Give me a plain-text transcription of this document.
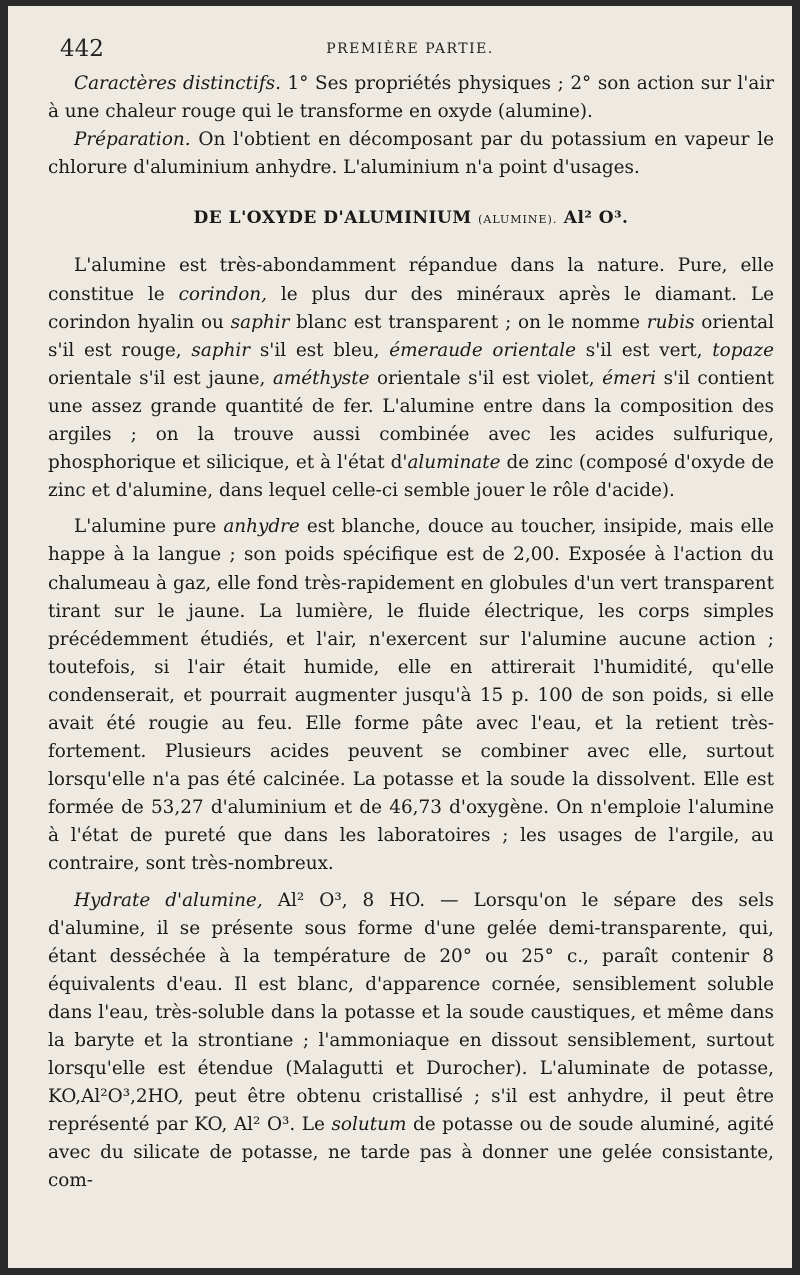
442	PREMIÈRE PARTIE.

Caractères distinctifs. 1° Ses propriétés physiques ; 2° son action sur l'air à une chaleur rouge qui le transforme en oxyde (alumine).

Préparation. On l'obtient en décomposant par du potassium en vapeur le chlorure d'aluminium anhydre. L'aluminium n'a point d'usages.

DE L'OXYDE D'ALUMINIUM (ALUMINE). Al² O³.

L'alumine est très-abondamment répandue dans la nature. Pure, elle constitue le corindon, le plus dur des minéraux après le diamant. Le corindon hyalin ou saphir blanc est transparent ; on le nomme rubis oriental s'il est rouge, saphir s'il est bleu, émeraude orientale s'il est vert, topaze orientale s'il est jaune, améthyste orientale s'il est violet, émeri s'il contient une assez grande quantité de fer. L'alumine entre dans la composition des argiles ; on la trouve aussi combinée avec les acides sulfurique, phosphorique et silicique, et à l'état d'aluminate de zinc (composé d'oxyde de zinc et d'alumine, dans lequel celle-ci semble jouer le rôle d'acide).

L'alumine pure anhydre est blanche, douce au toucher, insipide, mais elle happe à la langue ; son poids spécifique est de 2,00. Exposée à l'action du chalumeau à gaz, elle fond très-rapidement en globules d'un vert transparent tirant sur le jaune. La lumière, le fluide électrique, les corps simples précédemment étudiés, et l'air, n'exercent sur l'alumine aucune action ; toutefois, si l'air était humide, elle en attirerait l'humidité, qu'elle condenserait, et pourrait augmenter jusqu'à 15 p. 100 de son poids, si elle avait été rougie au feu. Elle forme pâte avec l'eau, et la retient très-fortement. Plusieurs acides peuvent se combiner avec elle, surtout lorsqu'elle n'a pas été calcinée. La potasse et la soude la dissolvent. Elle est formée de 53,27 d'aluminium et de 46,73 d'oxygène. On n'emploie l'alumine à l'état de pureté que dans les laboratoires ; les usages de l'argile, au contraire, sont très-nombreux.

Hydrate d'alumine, Al² O³, 8 HO. — Lorsqu'on le sépare des sels d'alumine, il se présente sous forme d'une gelée demi-transparente, qui, étant desséchée à la température de 20° ou 25° c., paraît contenir 8 équivalents d'eau. Il est blanc, d'apparence cornée, sensiblement soluble dans l'eau, très-soluble dans la potasse et la soude caustiques, et même dans la baryte et la strontiane ; l'ammoniaque en dissout sensiblement, surtout lorsqu'elle est étendue (Malagutti et Durocher). L'aluminate de potasse, KO,Al²O³,2HO, peut être obtenu cristallisé ; s'il est anhydre, il peut être représenté par KO, Al² O³. Le solutum de potasse ou de soude aluminé, agité avec du silicate de potasse, ne tarde pas à donner une gelée consistante, com-
